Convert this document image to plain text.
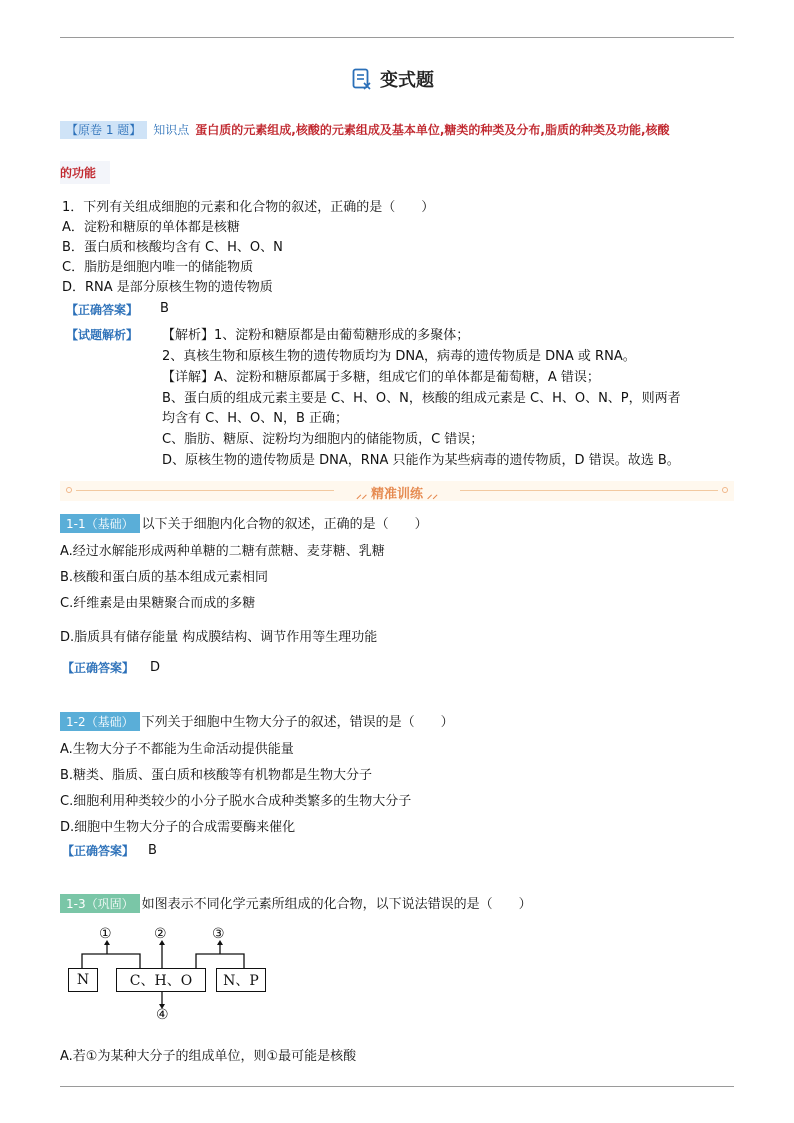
变式题
【原卷 1 题】 知识点 蛋白质的元素组成,核酸的元素组成及基本单位,糖类的种类及分布,脂质的种类及功能,核酸
的功能
1．下列有关组成细胞的元素和化合物的叙述，正确的是（　　）
A．淀粉和糖原的单体都是核糖
B．蛋白质和核酸均含有 C、H、O、N
C．脂肪是细胞内唯一的储能物质
D．RNA 是部分原核生物的遗传物质
【正确答案】 B
【试题解析】 【解析】1、淀粉和糖原都是由葡萄糖形成的多聚体；
2、真核生物和原核生物的遗传物质均为 DNA，病毒的遗传物质是 DNA 或 RNA。
【详解】A、淀粉和糖原都属于多糖，组成它们的单体都是葡萄糖，A 错误；
B、蛋白质的组成元素主要是 C、H、O、N，核酸的组成元素是 C、H、O、N、P，则两者
均含有 C、H、O、N，B 正确；
C、脂肪、糖原、淀粉均为细胞内的储能物质，C 错误；
D、原核生物的遗传物质是 DNA，RNA 只能作为某些病毒的遗传物质，D 错误。故选 B。
⸝⸝ 精准训练 ⸝⸝
1-1（基础） 以下关于细胞内化合物的叙述，正确的是（　　）
A.经过水解能形成两种单糖的二糖有蔗糖、麦芽糖、乳糖
B.核酸和蛋白质的基本组成元素相同
C.纤维素是由果糖聚合而成的多糖
D.脂质具有储存能量 构成膜结构、调节作用等生理功能
【正确答案】 D
1-2（基础） 下列关于细胞中生物大分子的叙述，错误的是（　　）
A.生物大分子不都能为生命活动提供能量
B.糖类、脂质、蛋白质和核酸等有机物都是生物大分子
C.细胞利用种类较少的小分子脱水合成种类繁多的生物大分子
D.细胞中生物大分子的合成需要酶来催化
【正确答案】 B
1-3（巩固） 如图表示不同化学元素所组成的化合物，以下说法错误的是（　　）
①	②	③
N	C、H、O	N、P
④
A.若①为某种大分子的组成单位，则①最可能是核酸
